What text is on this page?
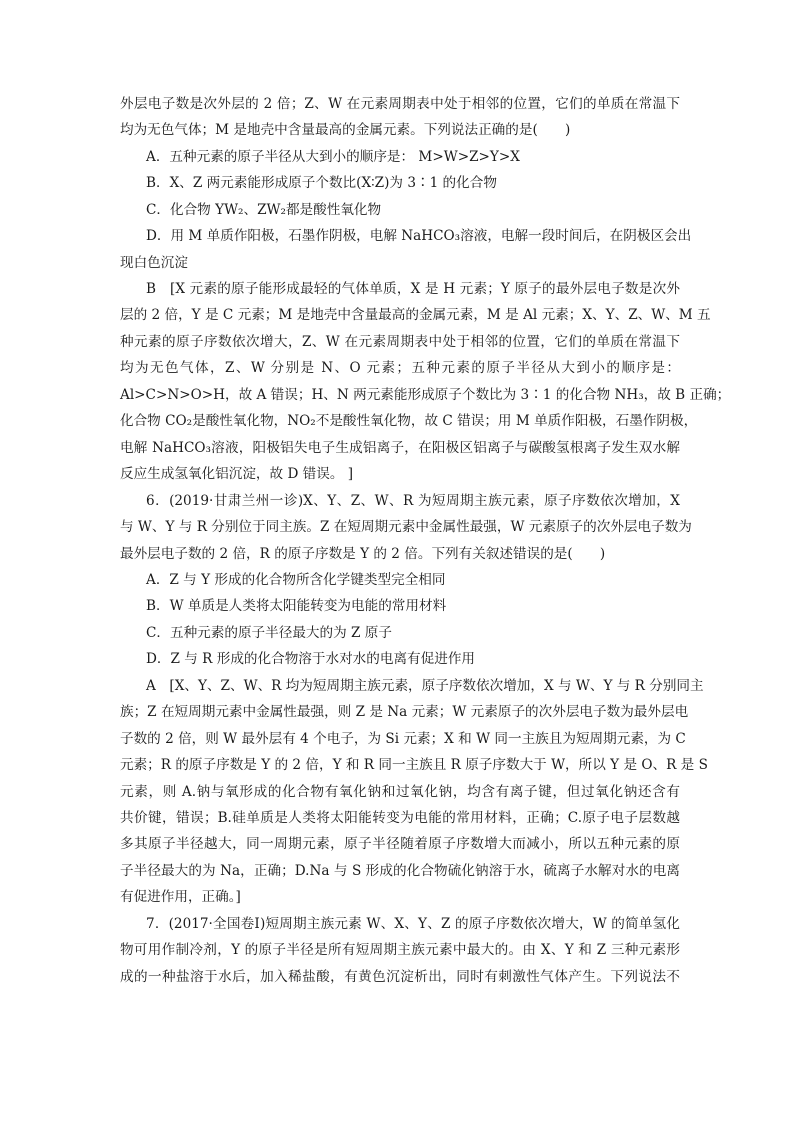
外层电子数是次外层的 2 倍；Z、W 在元素周期表中处于相邻的位置，它们的单质在常温下
均为无色气体；M 是地壳中含量最高的金属元素。下列说法正确的是(　　)
A．五种元素的原子半径从大到小的顺序是： M>W>Z>Y>X
B．X、Z 两元素能形成原子个数比(X∶Z)为 3∶1 的化合物
C．化合物 YW₂、ZW₂都是酸性氧化物
D．用 M 单质作阳极，石墨作阴极，电解 NaHCO₃溶液，电解一段时间后，在阴极区会出
现白色沉淀
B　[X 元素的原子能形成最轻的气体单质，X 是 H 元素；Y 原子的最外层电子数是次外
层的 2 倍，Y 是 C 元素；M 是地壳中含量最高的金属元素，M 是 Al 元素；X、Y、Z、W、M 五
种元素的原子序数依次增大，Z、W 在元素周期表中处于相邻的位置，它们的单质在常温下
均为无色气体，Z、W 分别是 N、O 元素；五种元素的原子半径从大到小的顺序是：
Al>C>N>O>H，故 A 错误；H、N 两元素能形成原子个数比为 3∶1 的化合物 NH₃，故 B 正确；
化合物 CO₂是酸性氧化物，NO₂不是酸性氧化物，故 C 错误；用 M 单质作阳极，石墨作阴极，
电解 NaHCO₃溶液，阳极铝失电子生成铝离子，在阳极区铝离子与碳酸氢根离子发生双水解
反应生成氢氧化铝沉淀，故 D 错误。 ]
6．(2019·甘肃兰州一诊)X、Y、Z、W、R 为短周期主族元素，原子序数依次增加，X
与 W、Y 与 R 分别位于同主族。Z 在短周期元素中金属性最强，W 元素原子的次外层电子数为
最外层电子数的 2 倍，R 的原子序数是 Y 的 2 倍。下列有关叙述错误的是(　　)
A．Z 与 Y 形成的化合物所含化学键类型完全相同
B．W 单质是人类将太阳能转变为电能的常用材料
C．五种元素的原子半径最大的为 Z 原子
D．Z 与 R 形成的化合物溶于水对水的电离有促进作用
A　[X、Y、Z、W、R 均为短周期主族元素，原子序数依次增加，X 与 W、Y 与 R 分别同主
族；Z 在短周期元素中金属性最强，则 Z 是 Na 元素；W 元素原子的次外层电子数为最外层电
子数的 2 倍，则 W 最外层有 4 个电子，为 Si 元素；X 和 W 同一主族且为短周期元素，为 C
元素；R 的原子序数是 Y 的 2 倍，Y 和 R 同一主族且 R 原子序数大于 W，所以 Y 是 O、R 是 S
元素，则 A.钠与氧形成的化合物有氧化钠和过氧化钠，均含有离子键，但过氧化钠还含有
共价键，错误；B.硅单质是人类将太阳能转变为电能的常用材料，正确；C.原子电子层数越
多其原子半径越大，同一周期元素，原子半径随着原子序数增大而减小，所以五种元素的原
子半径最大的为 Na，正确；D.Na 与 S 形成的化合物硫化钠溶于水，硫离子水解对水的电离
有促进作用，正确。]
7．(2017·全国卷Ⅰ)短周期主族元素 W、X、Y、Z 的原子序数依次增大，W 的简单氢化
物可用作制冷剂，Y 的原子半径是所有短周期主族元素中最大的。由 X、Y 和 Z 三种元素形
成的一种盐溶于水后，加入稀盐酸，有黄色沉淀析出，同时有刺激性气体产生。下列说法不
